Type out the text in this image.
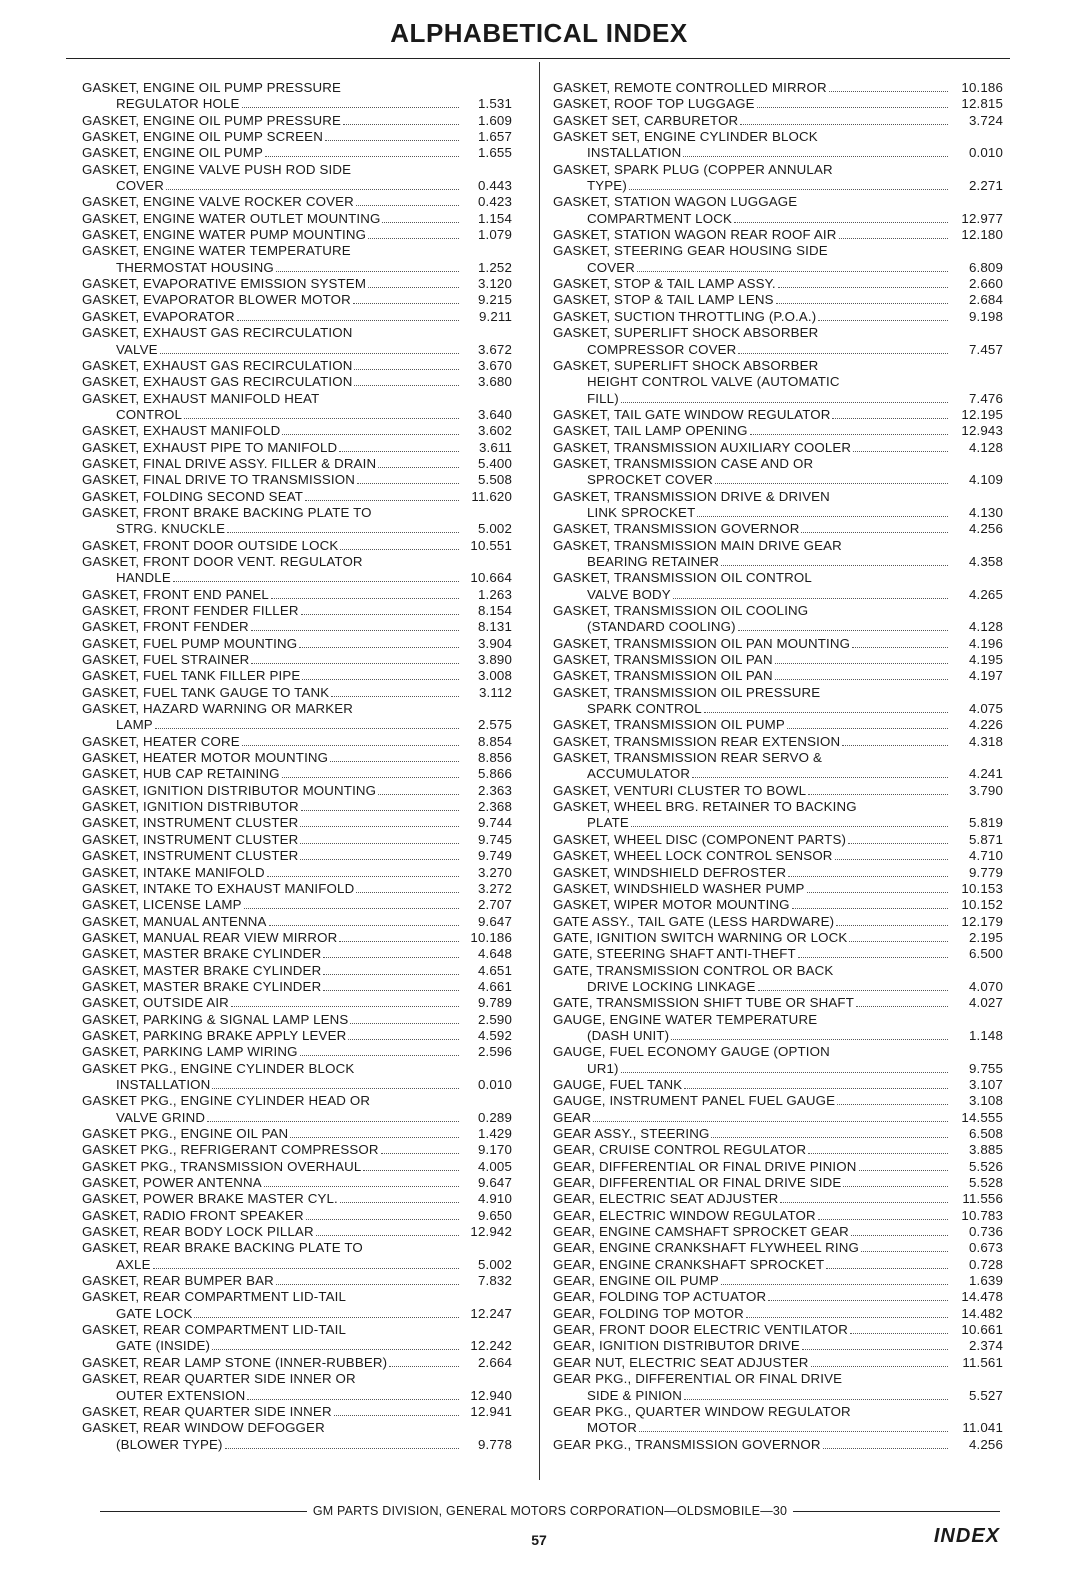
ALPHABETICAL INDEX
GASKET, ENGINE OIL PUMP PRESSURE
REGULATOR HOLE	1.531
GASKET, ENGINE OIL PUMP PRESSURE	1.609
GASKET, ENGINE OIL PUMP SCREEN	1.657
GASKET, ENGINE OIL PUMP	1.655
GASKET, ENGINE VALVE PUSH ROD SIDE
COVER	0.443
GASKET, ENGINE VALVE ROCKER COVER	0.423
GASKET, ENGINE WATER OUTLET MOUNTING	1.154
GASKET, ENGINE WATER PUMP MOUNTING	1.079
GASKET, ENGINE WATER TEMPERATURE
THERMOSTAT HOUSING	1.252
GASKET, EVAPORATIVE EMISSION SYSTEM	3.120
GASKET, EVAPORATOR BLOWER MOTOR	9.215
GASKET, EVAPORATOR	9.211
GASKET, EXHAUST GAS RECIRCULATION
VALVE	3.672
GASKET, EXHAUST GAS RECIRCULATION	3.670
GASKET, EXHAUST GAS RECIRCULATION	3.680
GASKET, EXHAUST MANIFOLD HEAT
CONTROL	3.640
GASKET, EXHAUST MANIFOLD	3.602
GASKET, EXHAUST PIPE TO MANIFOLD	3.611
GASKET, FINAL DRIVE ASSY. FILLER & DRAIN	5.400
GASKET, FINAL DRIVE TO TRANSMISSION	5.508
GASKET, FOLDING SECOND SEAT	11.620
GASKET, FRONT BRAKE BACKING PLATE TO
STRG. KNUCKLE	5.002
GASKET, FRONT DOOR OUTSIDE LOCK	10.551
GASKET, FRONT DOOR VENT. REGULATOR
HANDLE	10.664
GASKET, FRONT END PANEL	1.263
GASKET, FRONT FENDER FILLER	8.154
GASKET, FRONT FENDER	8.131
GASKET, FUEL PUMP MOUNTING	3.904
GASKET, FUEL STRAINER	3.890
GASKET, FUEL TANK FILLER PIPE	3.008
GASKET, FUEL TANK GAUGE TO TANK	3.112
GASKET, HAZARD WARNING OR MARKER
LAMP	2.575
GASKET, HEATER CORE	8.854
GASKET, HEATER MOTOR MOUNTING	8.856
GASKET, HUB CAP RETAINING	5.866
GASKET, IGNITION DISTRIBUTOR MOUNTING	2.363
GASKET, IGNITION DISTRIBUTOR	2.368
GASKET, INSTRUMENT CLUSTER	9.744
GASKET, INSTRUMENT CLUSTER	9.745
GASKET, INSTRUMENT CLUSTER	9.749
GASKET, INTAKE MANIFOLD	3.270
GASKET, INTAKE TO EXHAUST MANIFOLD	3.272
GASKET, LICENSE LAMP	2.707
GASKET, MANUAL ANTENNA	9.647
GASKET, MANUAL REAR VIEW MIRROR	10.186
GASKET, MASTER BRAKE CYLINDER	4.648
GASKET, MASTER BRAKE CYLINDER	4.651
GASKET, MASTER BRAKE CYLINDER	4.661
GASKET, OUTSIDE AIR	9.789
GASKET, PARKING & SIGNAL LAMP LENS	2.590
GASKET, PARKING BRAKE APPLY LEVER	4.592
GASKET, PARKING LAMP WIRING	2.596
GASKET PKG., ENGINE CYLINDER BLOCK
INSTALLATION	0.010
GASKET PKG., ENGINE CYLINDER HEAD OR
VALVE GRIND	0.289
GASKET PKG., ENGINE OIL PAN	1.429
GASKET PKG., REFRIGERANT COMPRESSOR	9.170
GASKET PKG., TRANSMISSION OVERHAUL	4.005
GASKET, POWER ANTENNA	9.647
GASKET, POWER BRAKE MASTER CYL.	4.910
GASKET, RADIO FRONT SPEAKER	9.650
GASKET, REAR BODY LOCK PILLAR	12.942
GASKET, REAR BRAKE BACKING PLATE TO
AXLE	5.002
GASKET, REAR BUMPER BAR	7.832
GASKET, REAR COMPARTMENT LID-TAIL
GATE LOCK	12.247
GASKET, REAR COMPARTMENT LID-TAIL
GATE (INSIDE)	12.242
GASKET, REAR LAMP STONE (INNER-RUBBER)	2.664
GASKET, REAR QUARTER SIDE INNER OR
OUTER EXTENSION	12.940
GASKET, REAR QUARTER SIDE INNER	12.941
GASKET, REAR WINDOW DEFOGGER
(BLOWER TYPE)	9.778
GASKET, REMOTE CONTROLLED MIRROR	10.186
GASKET, ROOF TOP LUGGAGE	12.815
GASKET SET, CARBURETOR	3.724
GASKET SET, ENGINE CYLINDER BLOCK
INSTALLATION	0.010
GASKET, SPARK PLUG (COPPER ANNULAR
TYPE)	2.271
GASKET, STATION WAGON LUGGAGE
COMPARTMENT LOCK	12.977
GASKET, STATION WAGON REAR ROOF AIR	12.180
GASKET, STEERING GEAR HOUSING SIDE
COVER	6.809
GASKET, STOP & TAIL LAMP ASSY.	2.660
GASKET, STOP & TAIL LAMP LENS	2.684
GASKET, SUCTION THROTTLING (P.O.A.)	9.198
GASKET, SUPERLIFT SHOCK ABSORBER
COMPRESSOR COVER	7.457
GASKET, SUPERLIFT SHOCK ABSORBER
HEIGHT CONTROL VALVE (AUTOMATIC
FILL)	7.476
GASKET, TAIL GATE WINDOW REGULATOR	12.195
GASKET, TAIL LAMP OPENING	12.943
GASKET, TRANSMISSION AUXILIARY COOLER	4.128
GASKET, TRANSMISSION CASE AND OR
SPROCKET COVER	4.109
GASKET, TRANSMISSION DRIVE & DRIVEN
LINK SPROCKET	4.130
GASKET, TRANSMISSION GOVERNOR	4.256
GASKET, TRANSMISSION MAIN DRIVE GEAR
BEARING RETAINER	4.358
GASKET, TRANSMISSION OIL CONTROL
VALVE BODY	4.265
GASKET, TRANSMISSION OIL COOLING
(STANDARD COOLING)	4.128
GASKET, TRANSMISSION OIL PAN MOUNTING	4.196
GASKET, TRANSMISSION OIL PAN	4.195
GASKET, TRANSMISSION OIL PAN	4.197
GASKET, TRANSMISSION OIL PRESSURE
SPARK CONTROL	4.075
GASKET, TRANSMISSION OIL PUMP	4.226
GASKET, TRANSMISSION REAR EXTENSION	4.318
GASKET, TRANSMISSION REAR SERVO &
ACCUMULATOR	4.241
GASKET, VENTURI CLUSTER TO BOWL	3.790
GASKET, WHEEL BRG. RETAINER TO BACKING
PLATE	5.819
GASKET, WHEEL DISC (COMPONENT PARTS)	5.871
GASKET, WHEEL LOCK CONTROL SENSOR	4.710
GASKET, WINDSHIELD DEFROSTER	9.779
GASKET, WINDSHIELD WASHER PUMP	10.153
GASKET, WIPER MOTOR MOUNTING	10.152
GATE ASSY., TAIL GATE (LESS HARDWARE)	12.179
GATE, IGNITION SWITCH WARNING OR LOCK	2.195
GATE, STEERING SHAFT ANTI-THEFT	6.500
GATE, TRANSMISSION CONTROL OR BACK
DRIVE LOCKING LINKAGE	4.070
GATE, TRANSMISSION SHIFT TUBE OR SHAFT	4.027
GAUGE, ENGINE WATER TEMPERATURE
(DASH UNIT)	1.148
GAUGE, FUEL ECONOMY GAUGE (OPTION
UR1)	9.755
GAUGE, FUEL TANK	3.107
GAUGE, INSTRUMENT PANEL FUEL GAUGE	3.108
GEAR	14.555
GEAR ASSY., STEERING	6.508
GEAR, CRUISE CONTROL REGULATOR	3.885
GEAR, DIFFERENTIAL OR FINAL DRIVE PINION	5.526
GEAR, DIFFERENTIAL OR FINAL DRIVE SIDE	5.528
GEAR, ELECTRIC SEAT ADJUSTER	11.556
GEAR, ELECTRIC WINDOW REGULATOR	10.783
GEAR, ENGINE CAMSHAFT SPROCKET GEAR	0.736
GEAR, ENGINE CRANKSHAFT FLYWHEEL RING	0.673
GEAR, ENGINE CRANKSHAFT SPROCKET	0.728
GEAR, ENGINE OIL PUMP	1.639
GEAR, FOLDING TOP ACTUATOR	14.478
GEAR, FOLDING TOP MOTOR	14.482
GEAR, FRONT DOOR ELECTRIC VENTILATOR	10.661
GEAR, IGNITION DISTRIBUTOR DRIVE	2.374
GEAR NUT, ELECTRIC SEAT ADJUSTER	11.561
GEAR PKG., DIFFERENTIAL OR FINAL DRIVE
SIDE & PINION	5.527
GEAR PKG., QUARTER WINDOW REGULATOR
MOTOR	11.041
GEAR PKG., TRANSMISSION GOVERNOR	4.256
GM PARTS DIVISION, GENERAL MOTORS CORPORATION—OLDSMOBILE—30
57	INDEX
